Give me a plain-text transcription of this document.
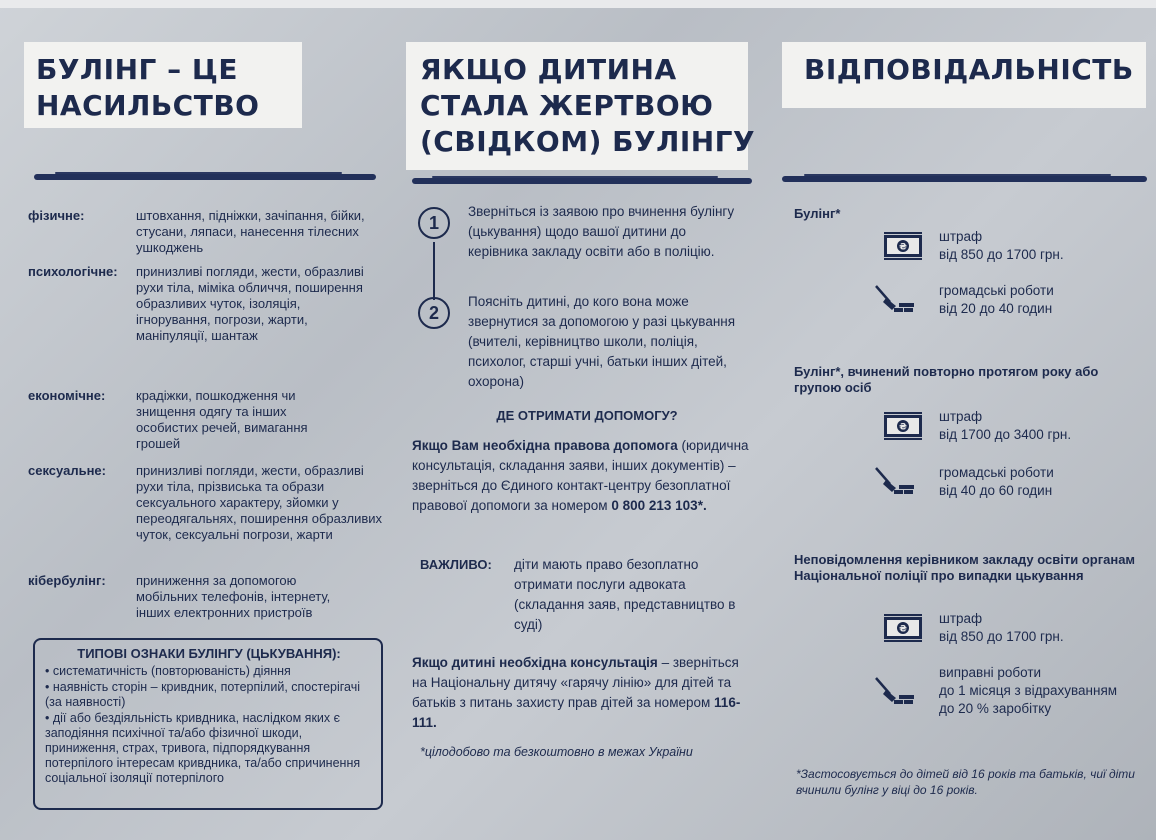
БУЛІНГ – ЦЕ
НАСИЛЬСТВО
фізичне:	штовхання, підніжки, зачіпання, бійки, стусани, ляпаси, нанесення тілесних ушкоджень
психологічне: принизливі погляди, жести, образливі рухи тіла, міміка обличчя, поширення образливих чуток, ізоляція, ігнорування, погрози, жарти, маніпуляції, шантаж
економічне: крадіжки, пошкодження чи знищення одягу та інших особистих речей, вимагання грошей
сексуальне: принизливі погляди, жести, образливі рухи тіла, прізвиська та образи сексуального характеру, зйомки у переодягальнях, поширення образливих чуток, сексуальні погрози, жарти
кібербулінг: приниження за допомогою мобільних телефонів, інтернету, інших електронних пристроїв
ТИПОВІ ОЗНАКИ БУЛІНГУ (ЦЬКУВАННЯ):
• систематичність (повторюваність) діяння
• наявність сторін – кривдник, потерпілий, спостерігачі (за наявності)
• дії або бездіяльність кривдника, наслідком яких є заподіяння психічної та/або фізичної шкоди, приниження, страх, тривога, підпорядкування потерпілого інтересам кривдника, та/або спричинення соціальної ізоляції потерпілого
ЯКЩО ДИТИНА
СТАЛА ЖЕРТВОЮ
(СВІДКОМ) БУЛІНГУ
1
2
Зверніться із заявою про вчинення булінгу (цькування) щодо вашої дитини до керівника закладу освіти або в поліцію.
Поясніть дитині, до кого вона може звернутися за допомогою у разі цькування (вчителі, керівництво школи, поліція, психолог, старші учні, батьки інших дітей, охорона)
ДЕ ОТРИМАТИ ДОПОМОГУ?
Якщо Вам необхідна правова допомога (юридична консультація, складання заяви, інших документів) – зверніться до Єдиного контакт-центру безоплатної правової допомоги за номером 0 800 213 103*.
ВАЖЛИВО: діти мають право безоплатно отримати послуги адвоката (складання заяв, представництво в суді)
Якщо дитині необхідна консультація – зверніться на Національну дитячу «гарячу лінію» для дітей та батьків з питань захисту прав дітей за номером 116-111.
*цілодобово та безкоштовно в межах України
ВІДПОВІДАЛЬНІСТЬ
Булінг*
₴
штраф
від 850 до 1700 грн.
громадські роботи
від 20 до 40 годин
Булінг*, вчинений повторно протягом року або групою осіб
₴
штраф
від 1700 до 3400 грн.
громадські роботи
від 40 до 60 годин
Неповідомлення керівником закладу освіти органам Національної поліції про випадки цькування
₴
штраф
від 850 до 1700 грн.
виправні роботи
до 1 місяця з відрахуванням до 20 % заробітку
*Застосовується до дітей від 16 років та батьків, чиї діти вчинили булінг у віці до 16 років.
